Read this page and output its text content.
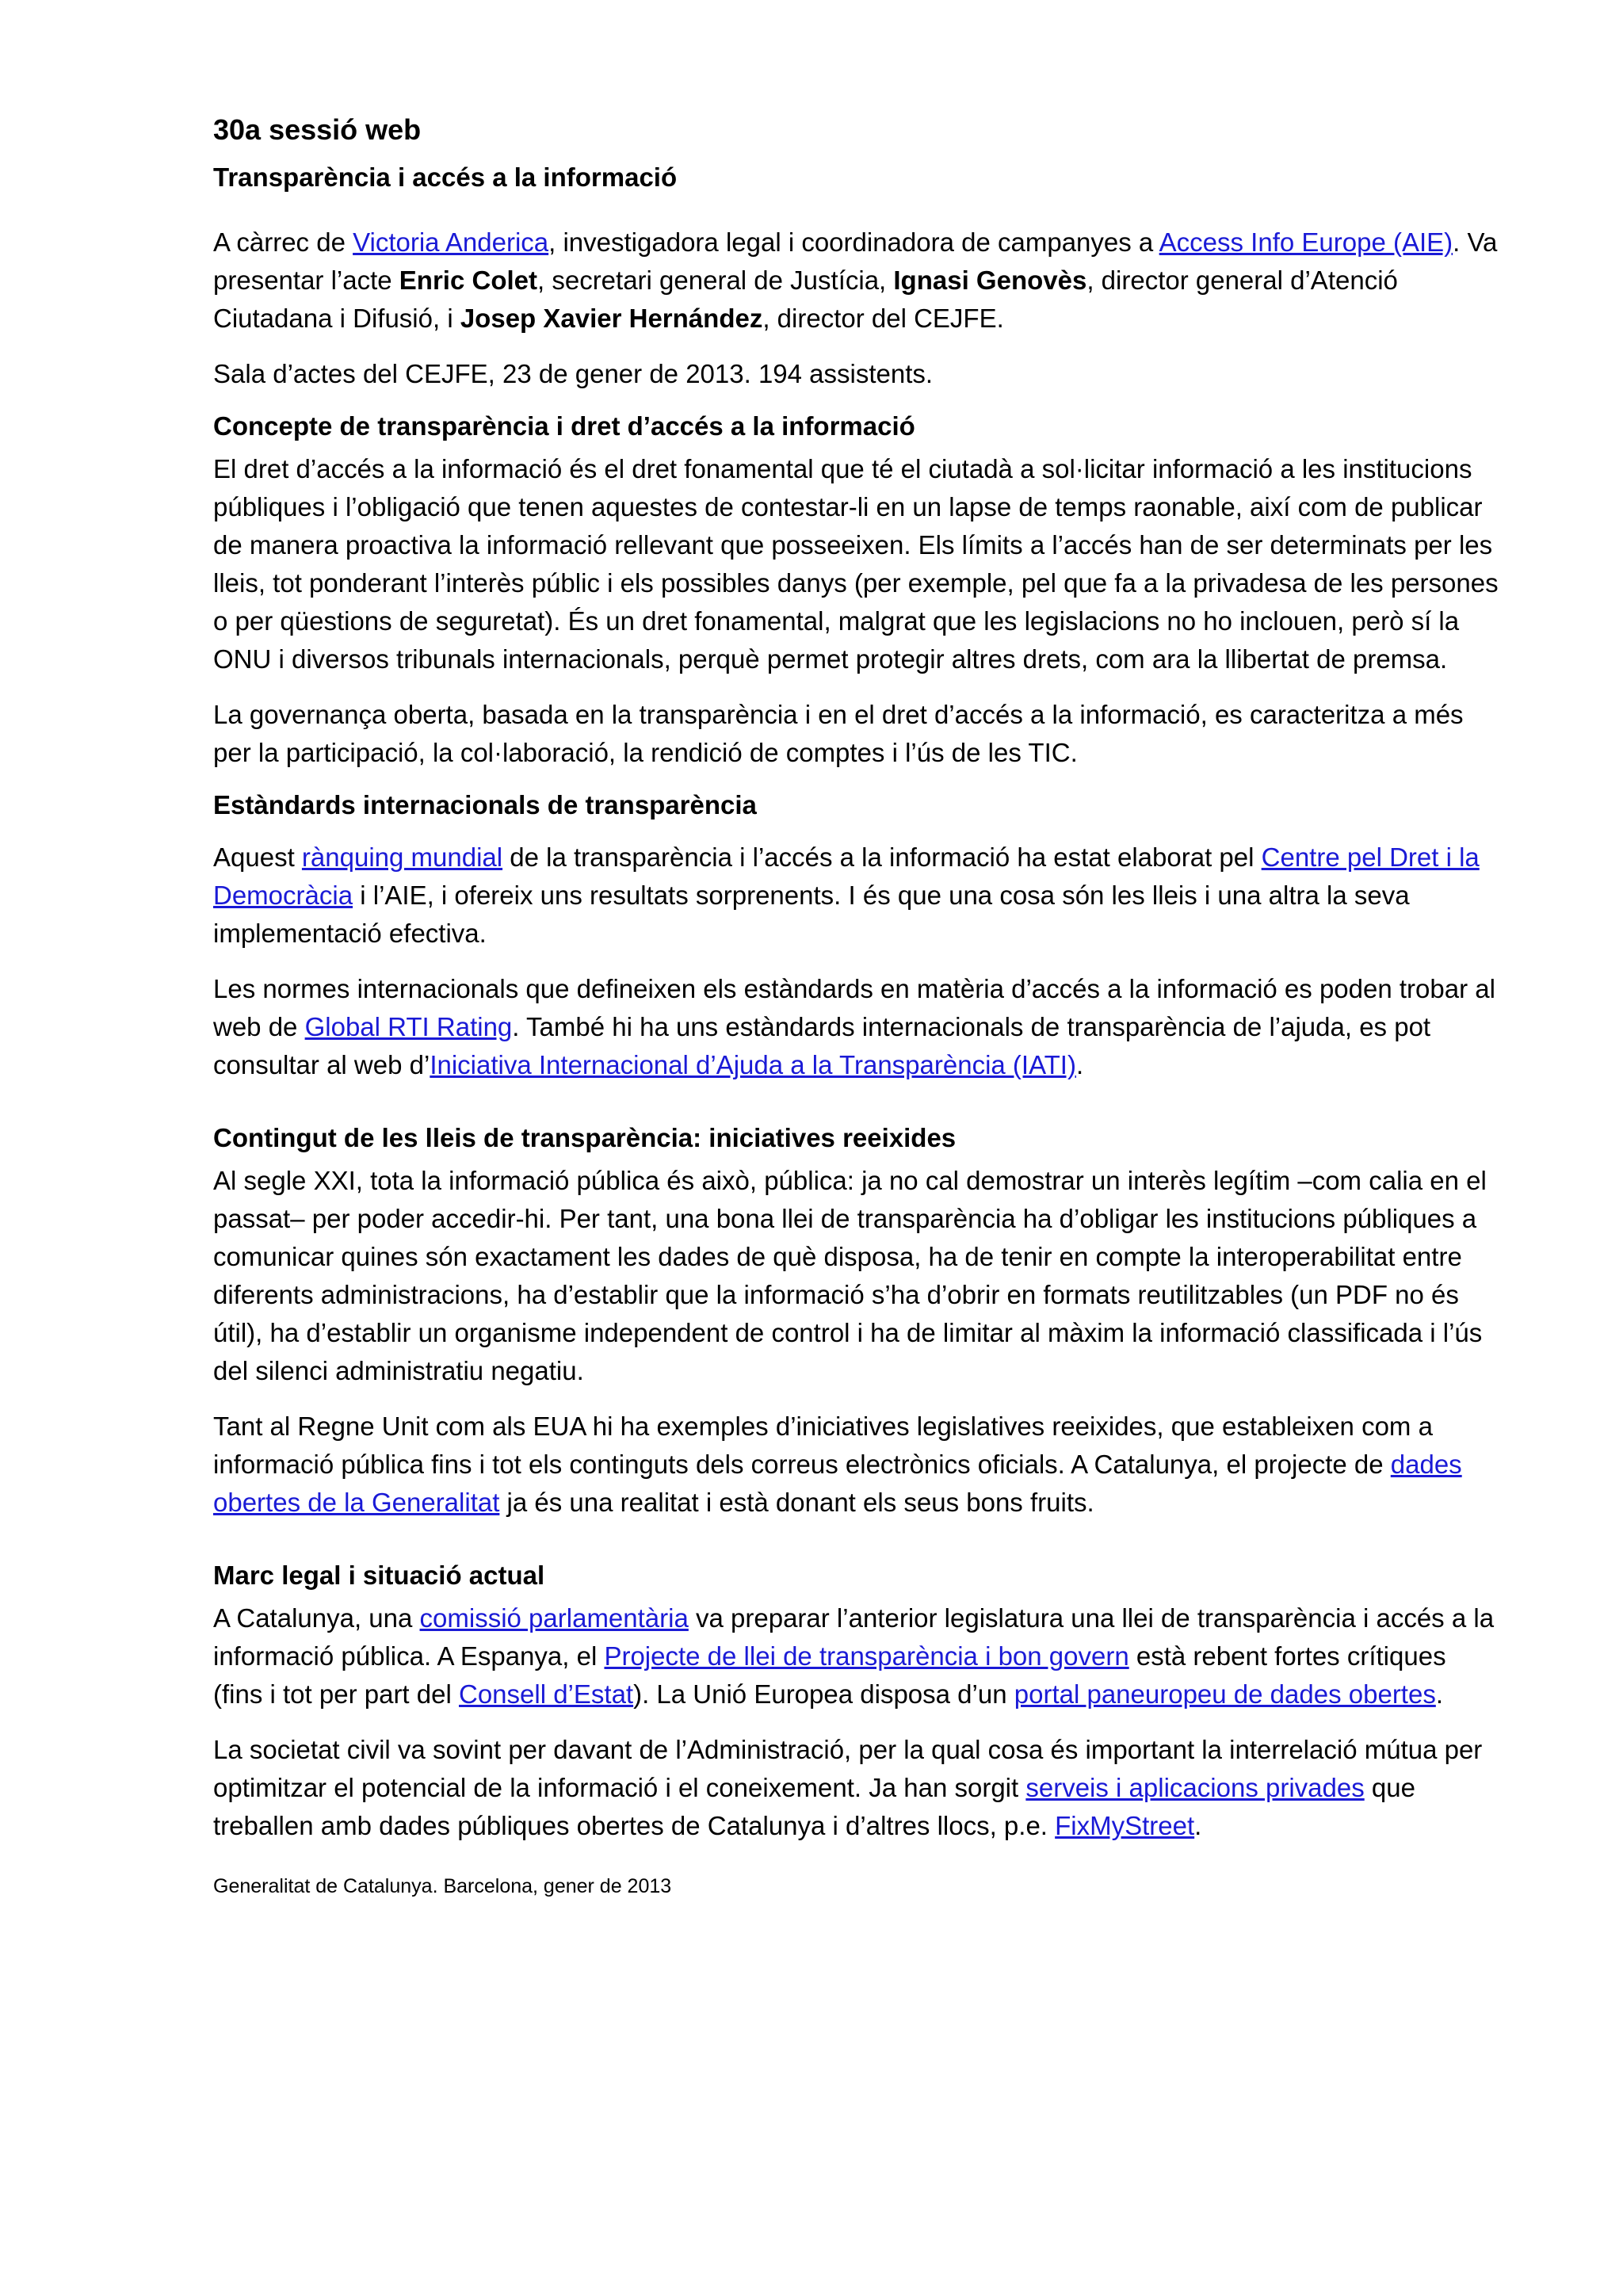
30a sessió web
Transparència i accés a la informació

A càrrec de Victoria Anderica, investigadora legal i coordinadora de campanyes a Access Info Europe (AIE). Va presentar l’acte Enric Colet, secretari general de Justícia, Ignasi Genovès, director general d’Atenció Ciutadana i Difusió, i Josep Xavier Hernández, director del CEJFE.

Sala d’actes del CEJFE, 23 de gener de 2013. 194 assistents.

Concepte de transparència i dret d’accés a la informació

El dret d’accés a la informació és el dret fonamental que té el ciutadà a sol·licitar informació a les institucions públiques i l’obligació que tenen aquestes de contestar-li en un lapse de temps raonable, així com de publicar de manera proactiva la informació rellevant que posseeixen. Els límits a l’accés han de ser determinats per les lleis, tot ponderant l’interès públic i els possibles danys (per exemple, pel que fa a la privadesa de les persones o per qüestions de seguretat). És un dret fonamental, malgrat que les legislacions no ho inclouen, però sí la ONU i diversos tribunals internacionals, perquè permet protegir altres drets, com ara la llibertat de premsa.

La governança oberta, basada en la transparència i en el dret d’accés a la informació, es caracteritza a més per la participació, la col·laboració, la rendició de comptes i l’ús de les TIC.

Estàndards internacionals de transparència

Aquest rànquing mundial de la transparència i l’accés a la informació ha estat elaborat pel Centre pel Dret i la Democràcia i l’AIE, i ofereix uns resultats sorprenents. I és que una cosa són les lleis i una altra la seva implementació efectiva.

Les normes internacionals que defineixen els estàndards en matèria d’accés a la informació es poden trobar al web de Global RTI Rating. També hi ha uns estàndards internacionals de transparència de l’ajuda, es pot consultar al web d’Iniciativa Internacional d’Ajuda a la Transparència (IATI).

Contingut de les lleis de transparència: iniciatives reeixides

Al segle XXI, tota la informació pública és això, pública: ja no cal demostrar un interès legítim –com calia en el passat– per poder accedir-hi. Per tant, una bona llei de transparència ha d’obligar les institucions públiques a comunicar quines són exactament les dades de què disposa, ha de tenir en compte la interoperabilitat entre diferents administracions, ha d’establir que la informació s’ha d’obrir en formats reutilitzables (un PDF no és útil), ha d’establir un organisme independent de control i ha de limitar al màxim la informació classificada i l’ús del silenci administratiu negatiu.

Tant al Regne Unit com als EUA hi ha exemples d’iniciatives legislatives reeixides, que estableixen com a informació pública fins i tot els continguts dels correus electrònics oficials. A Catalunya, el projecte de dades obertes de la Generalitat ja és una realitat i està donant els seus bons fruits.

Marc legal i situació actual

A Catalunya, una comissió parlamentària va preparar l’anterior legislatura una llei de transparència i accés a la informació pública. A Espanya, el Projecte de llei de transparència i bon govern està rebent fortes crítiques (fins i tot per part del Consell d’Estat). La Unió Europea disposa d’un portal paneuropeu de dades obertes.

La societat civil va sovint per davant de l’Administració, per la qual cosa és important la interrelació mútua per optimitzar el potencial de la informació i el coneixement. Ja han sorgit serveis i aplicacions privades que treballen amb dades públiques obertes de Catalunya i d’altres llocs, p.e. FixMyStreet.

Generalitat de Catalunya. Barcelona, gener de 2013
